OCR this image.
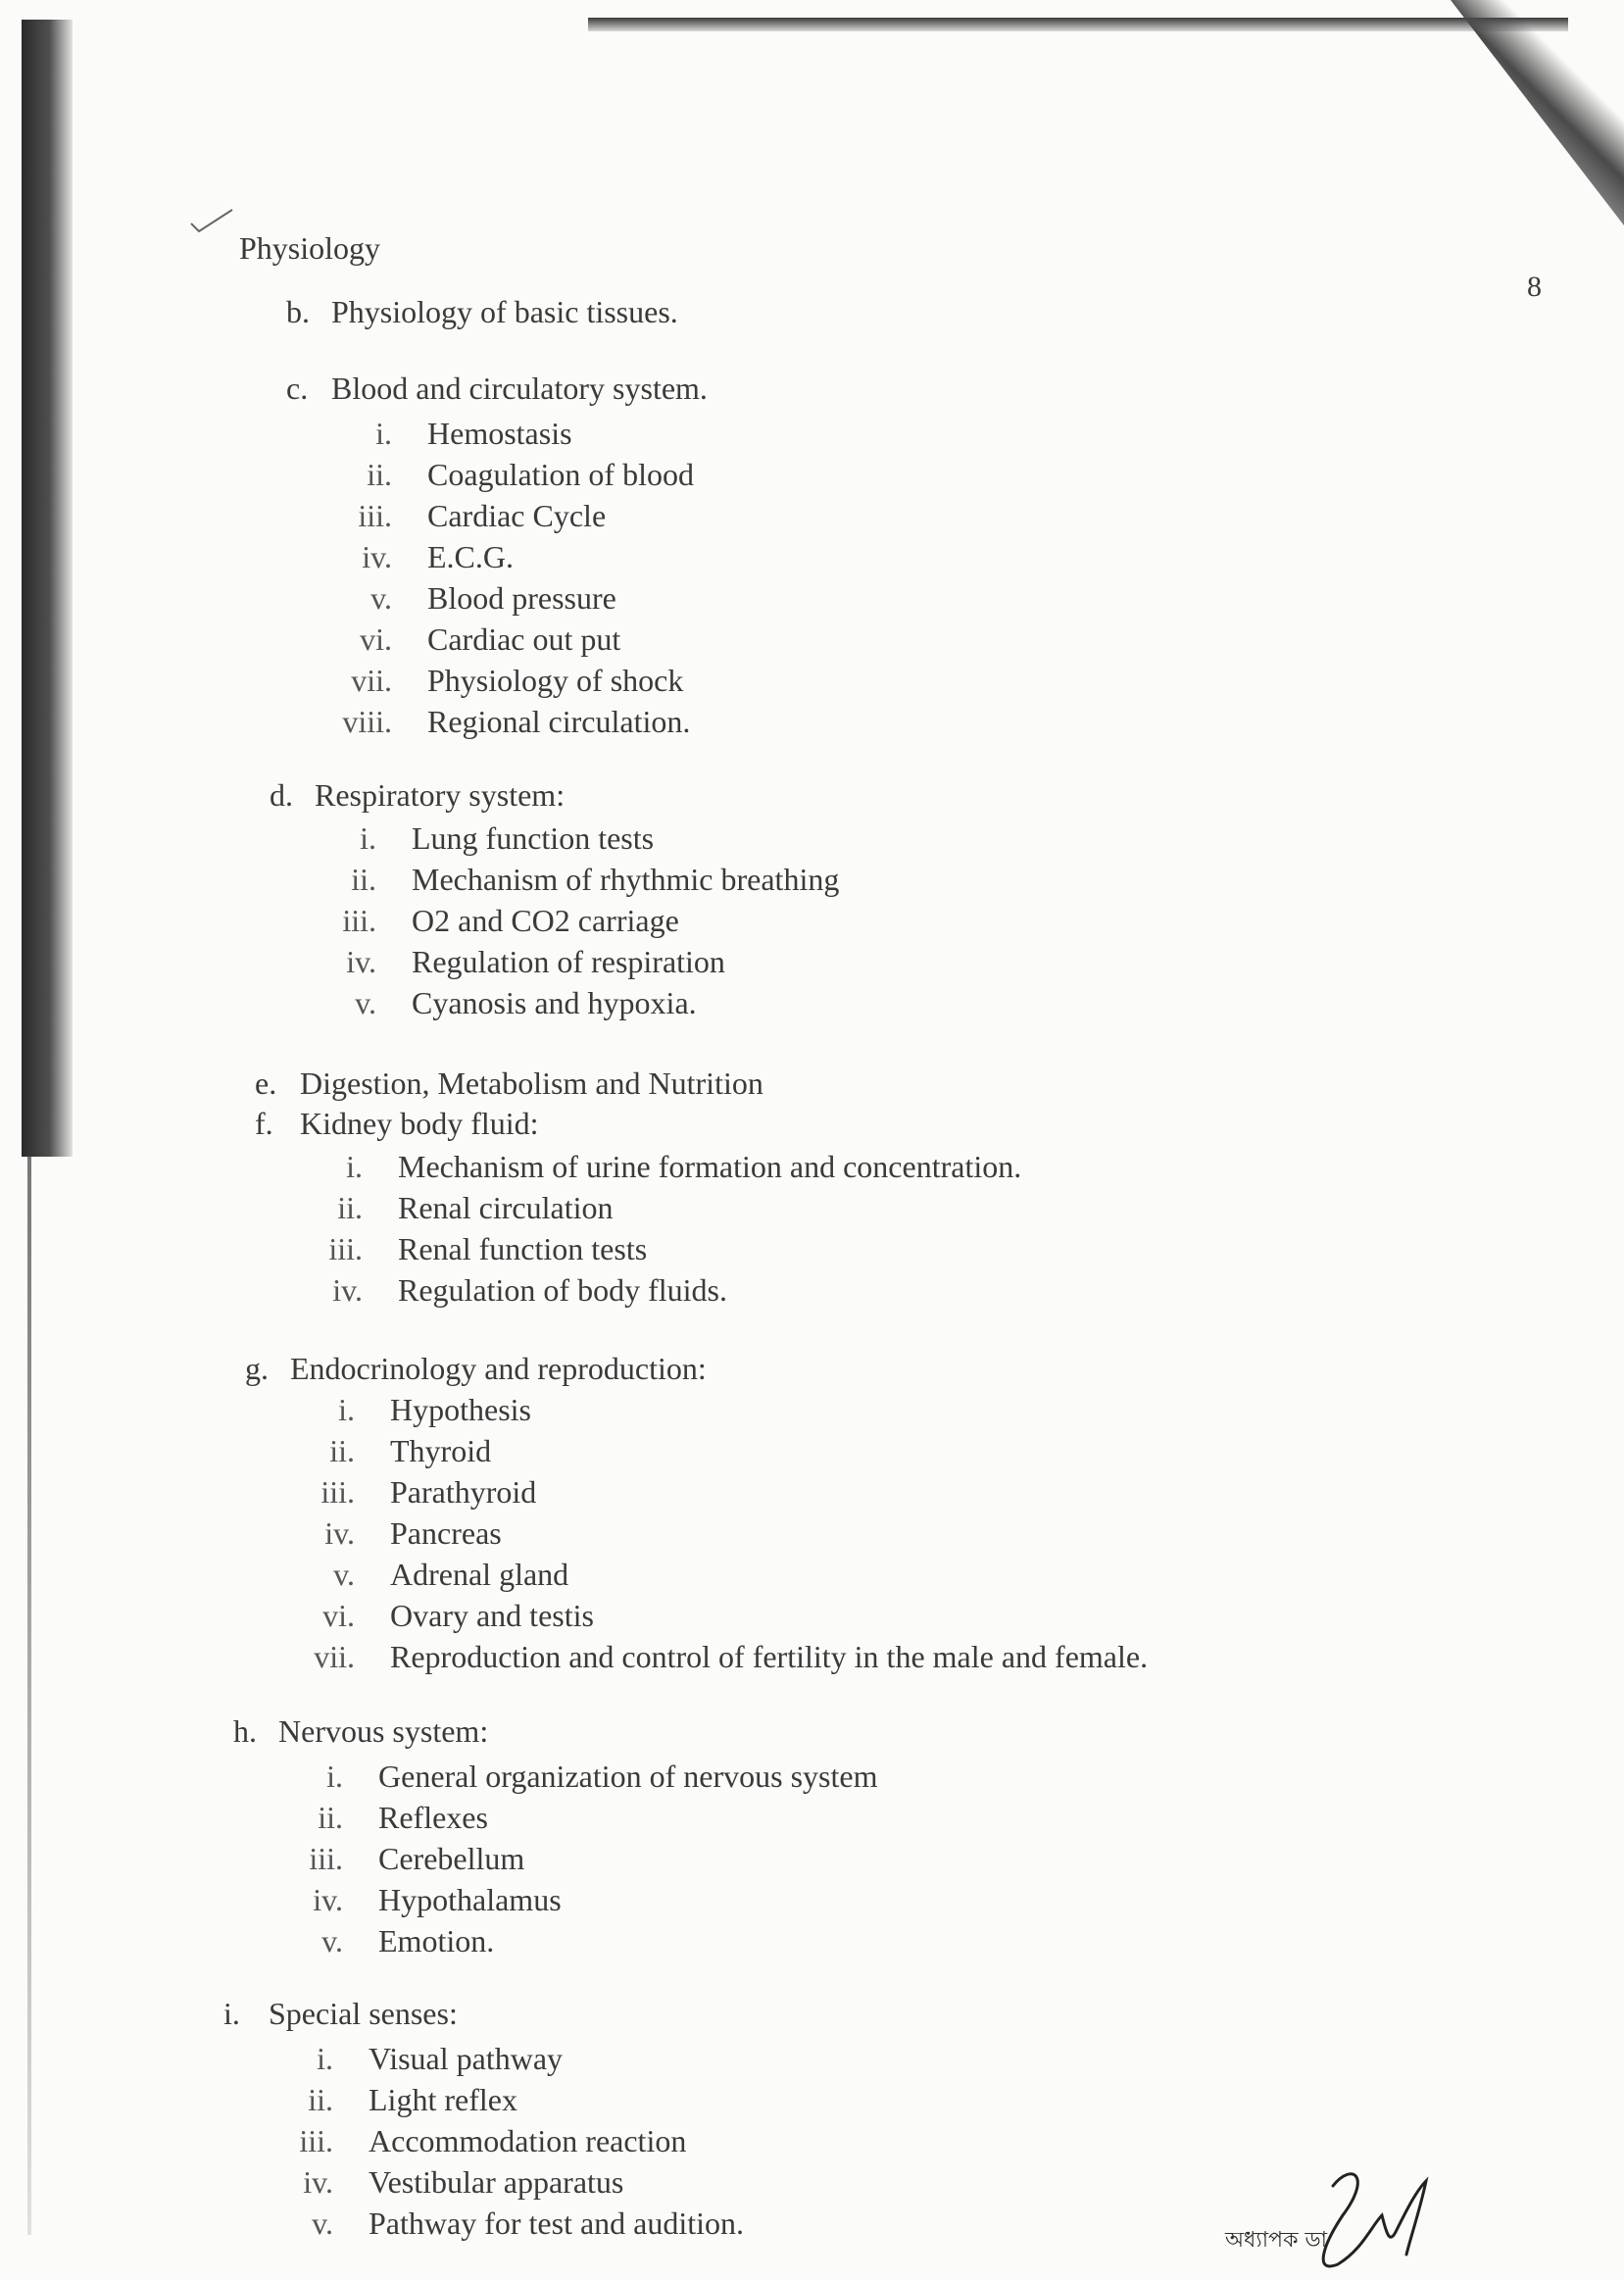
Physiology
8
b. Physiology of basic tissues.
c. Blood and circulatory system.
i. Hemostasis
ii. Coagulation of blood
iii. Cardiac Cycle
iv. E.C.G.
v. Blood pressure
vi. Cardiac out put
vii. Physiology of shock
viii. Regional circulation.
d. Respiratory system:
i. Lung function tests
ii. Mechanism of rhythmic breathing
iii. O2 and CO2 carriage
iv. Regulation of respiration
v. Cyanosis and hypoxia.
e. Digestion, Metabolism and Nutrition
f. Kidney body fluid:
i. Mechanism of urine formation and concentration.
ii. Renal circulation
iii. Renal function tests
iv. Regulation of body fluids.
g. Endocrinology and reproduction:
i. Hypothesis
ii. Thyroid
iii. Parathyroid
iv. Pancreas
v. Adrenal gland
vi. Ovary and testis
vii. Reproduction and control of fertility in the male and female.
h. Nervous system:
i. General organization of nervous system
ii. Reflexes
iii. Cerebellum
iv. Hypothalamus
v. Emotion.
i. Special senses:
i. Visual pathway
ii. Light reflex
iii. Accommodation reaction
iv. Vestibular apparatus
v. Pathway for test and audition.	অধ্যাপক ডা
